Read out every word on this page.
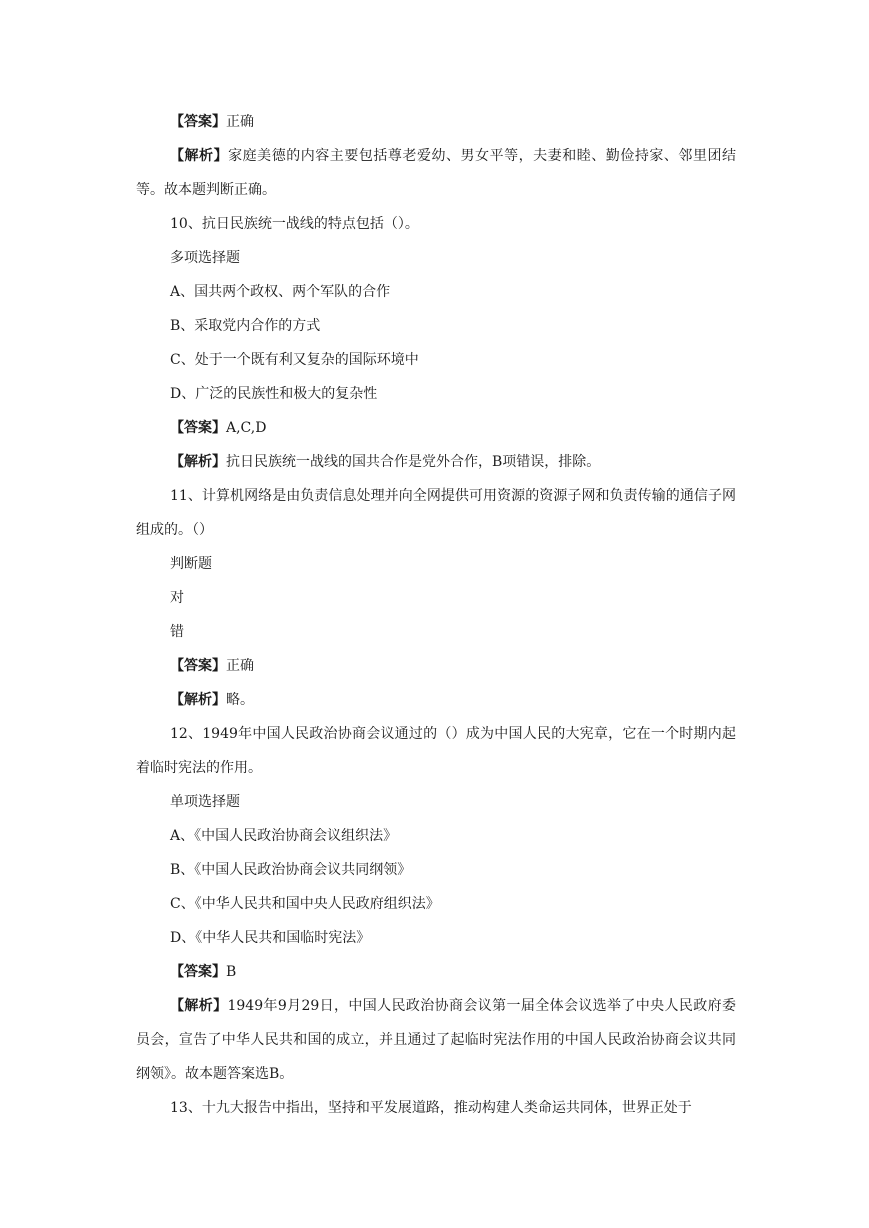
【答案】正确

【解析】家庭美德的内容主要包括尊老爱幼、男女平等，夫妻和睦、勤俭持家、邻里团结等。故本题判断正确。

10、抗日民族统一战线的特点包括（）。

多项选择题

A、国共两个政权、两个军队的合作

B、采取党内合作的方式

C、处于一个既有利又复杂的国际环境中

D、广泛的民族性和极大的复杂性

【答案】A,C,D

【解析】抗日民族统一战线的国共合作是党外合作，B项错误，排除。

11、计算机网络是由负责信息处理并向全网提供可用资源的资源子网和负责传输的通信子网组成的。（）

判断题

对

错

【答案】正确

【解析】略。

12、1949年中国人民政治协商会议通过的（）成为中国人民的大宪章，它在一个时期内起着临时宪法的作用。

单项选择题

A、《中国人民政治协商会议组织法》

B、《中国人民政治协商会议共同纲领》

C、《中华人民共和国中央人民政府组织法》

D、《中华人民共和国临时宪法》

【答案】B

【解析】1949年9月29日，中国人民政治协商会议第一届全体会议选举了中央人民政府委员会，宣告了中华人民共和国的成立，并且通过了起临时宪法作用的中国人民政治协商会议共同纲领》。故本题答案选B。

13、十九大报告中指出，坚持和平发展道路，推动构建人类命运共同体，世界正处于
